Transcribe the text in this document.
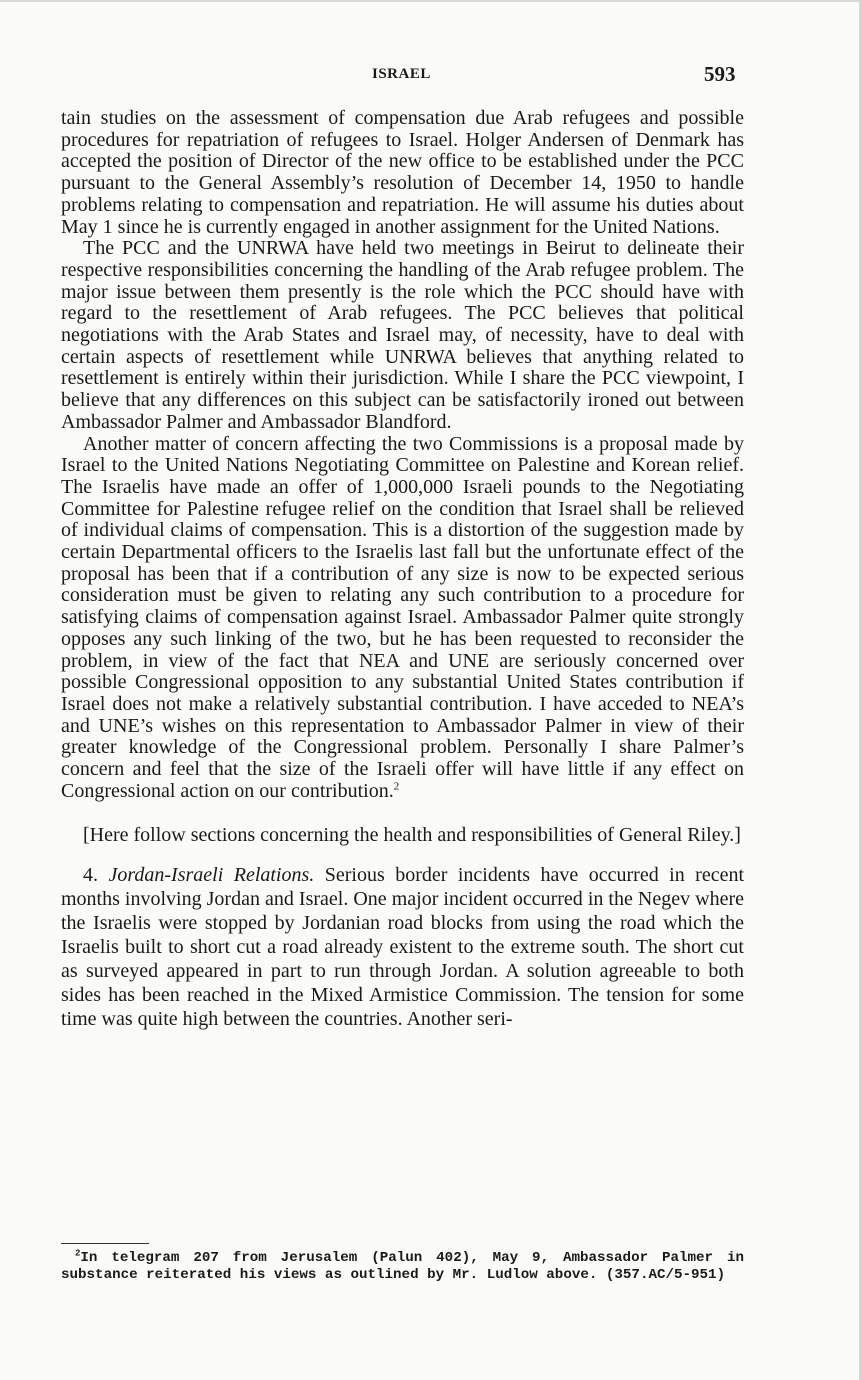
ISRAEL	593

tain studies on the assessment of compensation due Arab refugees and possible procedures for repatriation of refugees to Israel. Holger Andersen of Denmark has accepted the position of Director of the new office to be established under the PCC pursuant to the General Assembly’s resolution of December 14, 1950 to handle problems relating to compensation and repatriation. He will assume his duties about May 1 since he is currently engaged in another assignment for the United Nations.

The PCC and the UNRWA have held two meetings in Beirut to delineate their respective responsibilities concerning the handling of the Arab refugee problem. The major issue between them presently is the role which the PCC should have with regard to the resettlement of Arab refugees. The PCC believes that political negotiations with the Arab States and Israel may, of necessity, have to deal with certain aspects of resettlement while UNRWA believes that anything related to resettlement is entirely within their jurisdiction. While I share the PCC viewpoint, I believe that any differences on this subject can be satisfactorily ironed out between Ambassador Palmer and Ambassador Blandford.

Another matter of concern affecting the two Commissions is a proposal made by Israel to the United Nations Negotiating Committee on Palestine and Korean relief. The Israelis have made an offer of 1,000,000 Israeli pounds to the Negotiating Committee for Palestine refugee relief on the condition that Israel shall be relieved of individual claims of compensation. This is a distortion of the suggestion made by certain Departmental officers to the Israelis last fall but the unfortunate effect of the proposal has been that if a contribution of any size is now to be expected serious consideration must be given to relating any such contribution to a procedure for satisfying claims of compensation against Israel. Ambassador Palmer quite strongly opposes any such linking of the two, but he has been requested to reconsider the problem, in view of the fact that NEA and UNE are seriously concerned over possible Congressional opposition to any substantial United States contribution if Israel does not make a relatively substantial contribution. I have acceded to NEA’s and UNE’s wishes on this representation to Ambassador Palmer in view of their greater knowledge of the Congressional problem. Personally I share Palmer’s concern and feel that the size of the Israeli offer will have little if any effect on Congressional action on our contribution.$^2$

[Here follow sections concerning the health and responsibilities of General Riley.]

4. Jordan-Israeli Relations. Serious border incidents have occurred in recent months involving Jordan and Israel. One major incident occurred in the Negev where the Israelis were stopped by Jordanian road blocks from using the road which the Israelis built to short cut a road already existent to the extreme south. The short cut as surveyed appeared in part to run through Jordan. A solution agreeable to both sides has been reached in the Mixed Armistice Commission. The tension for some time was quite high between the countries. Another seri-

$^2$In telegram 207 from Jerusalem (Palun 402), May 9, Ambassador Palmer in substance reiterated his views as outlined by Mr. Ludlow above. (357.AC/5-951)
